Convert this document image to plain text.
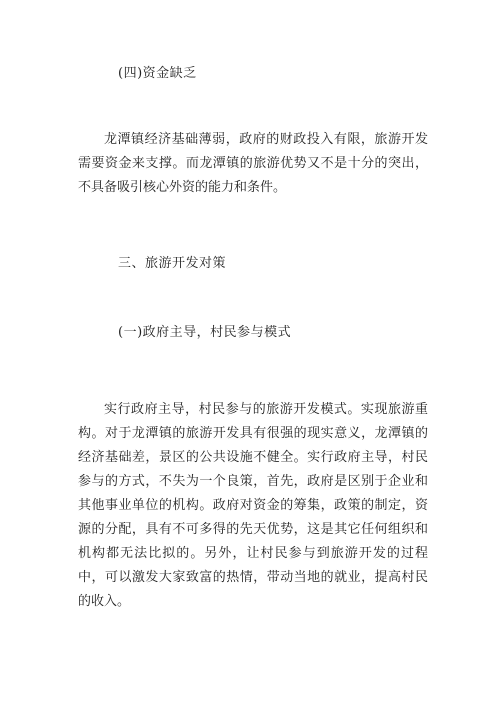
(四)资金缺乏

龙潭镇经济基础薄弱，政府的财政投入有限，旅游开发需要资金来支撑。而龙潭镇的旅游优势又不是十分的突出，不具备吸引核心外资的能力和条件。

三、旅游开发对策

(一)政府主导，村民参与模式

实行政府主导，村民参与的旅游开发模式。实现旅游重构。对于龙潭镇的旅游开发具有很强的现实意义，龙潭镇的经济基础差，景区的公共设施不健全。实行政府主导，村民参与的方式，不失为一个良策，首先，政府是区别于企业和其他事业单位的机构。政府对资金的筹集，政策的制定，资源的分配，具有不可多得的先天优势，这是其它任何组织和机构都无法比拟的。另外，让村民参与到旅游开发的过程中，可以激发大家致富的热情，带动当地的就业，提高村民的收入。
